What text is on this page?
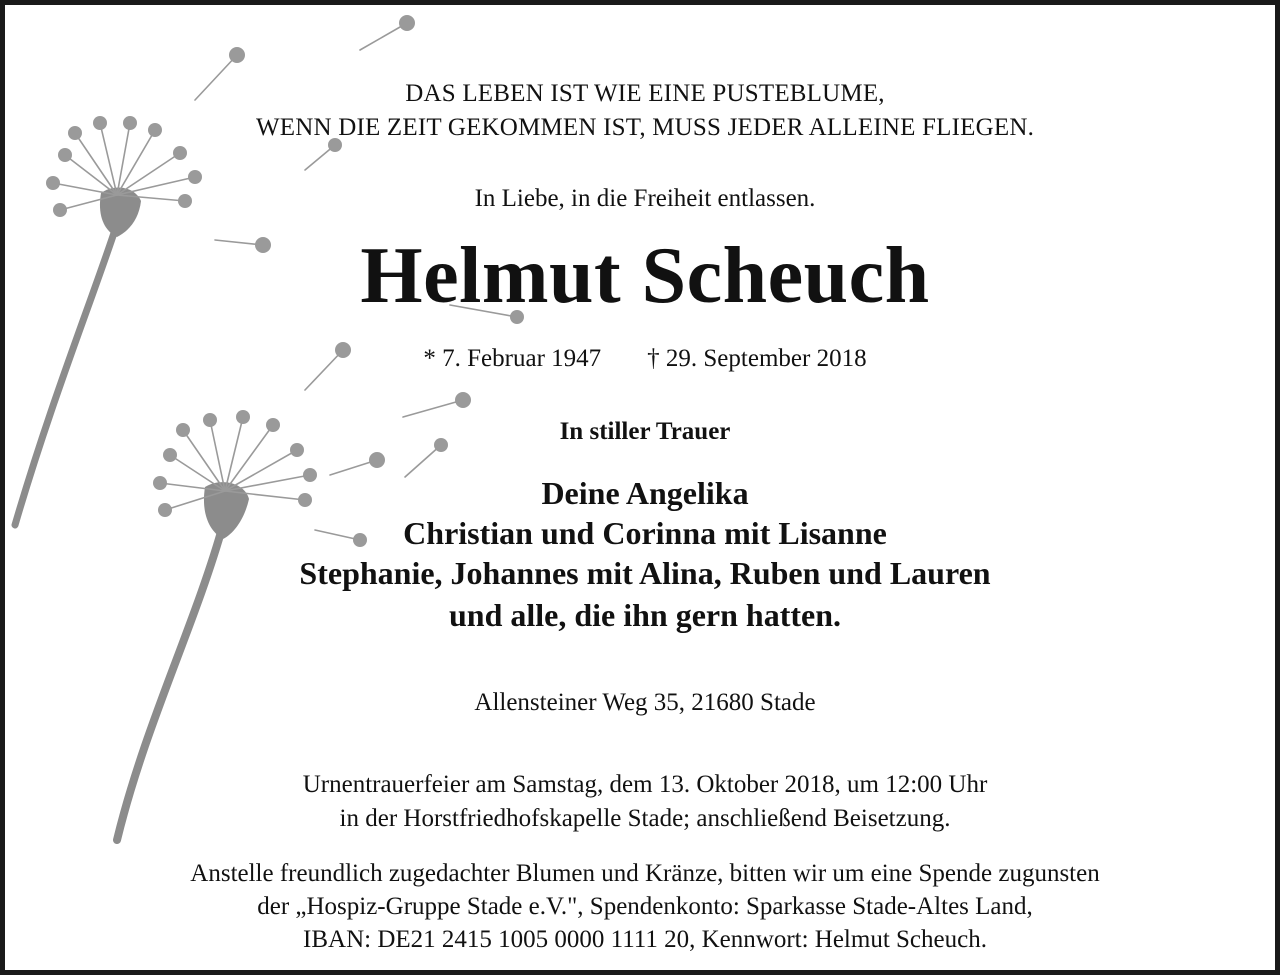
DAS LEBEN IST WIE EINE PUSTEBLUME,
WENN DIE ZEIT GEKOMMEN IST, MUSS JEDER ALLEINE FLIEGEN.
In Liebe, in die Freiheit entlassen.
Helmut Scheuch
* 7. Februar 1947 † 29. September 2018
In stiller Trauer
Deine Angelika
Christian und Corinna mit Lisanne
Stephanie, Johannes mit Alina, Ruben und Lauren
und alle, die ihn gern hatten.
Allensteiner Weg 35, 21680 Stade
Urnentrauerfeier am Samstag, dem 13. Oktober 2018, um 12:00 Uhr
in der Horstfriedhofskapelle Stade; anschließend Beisetzung.
Anstelle freundlich zugedachter Blumen und Kränze, bitten wir um eine Spende zugunsten
der „Hospiz-Gruppe Stade e.V.", Spendenkonto: Sparkasse Stade-Altes Land,
IBAN: DE21 2415 1005 0000 1111 20, Kennwort: Helmut Scheuch.
